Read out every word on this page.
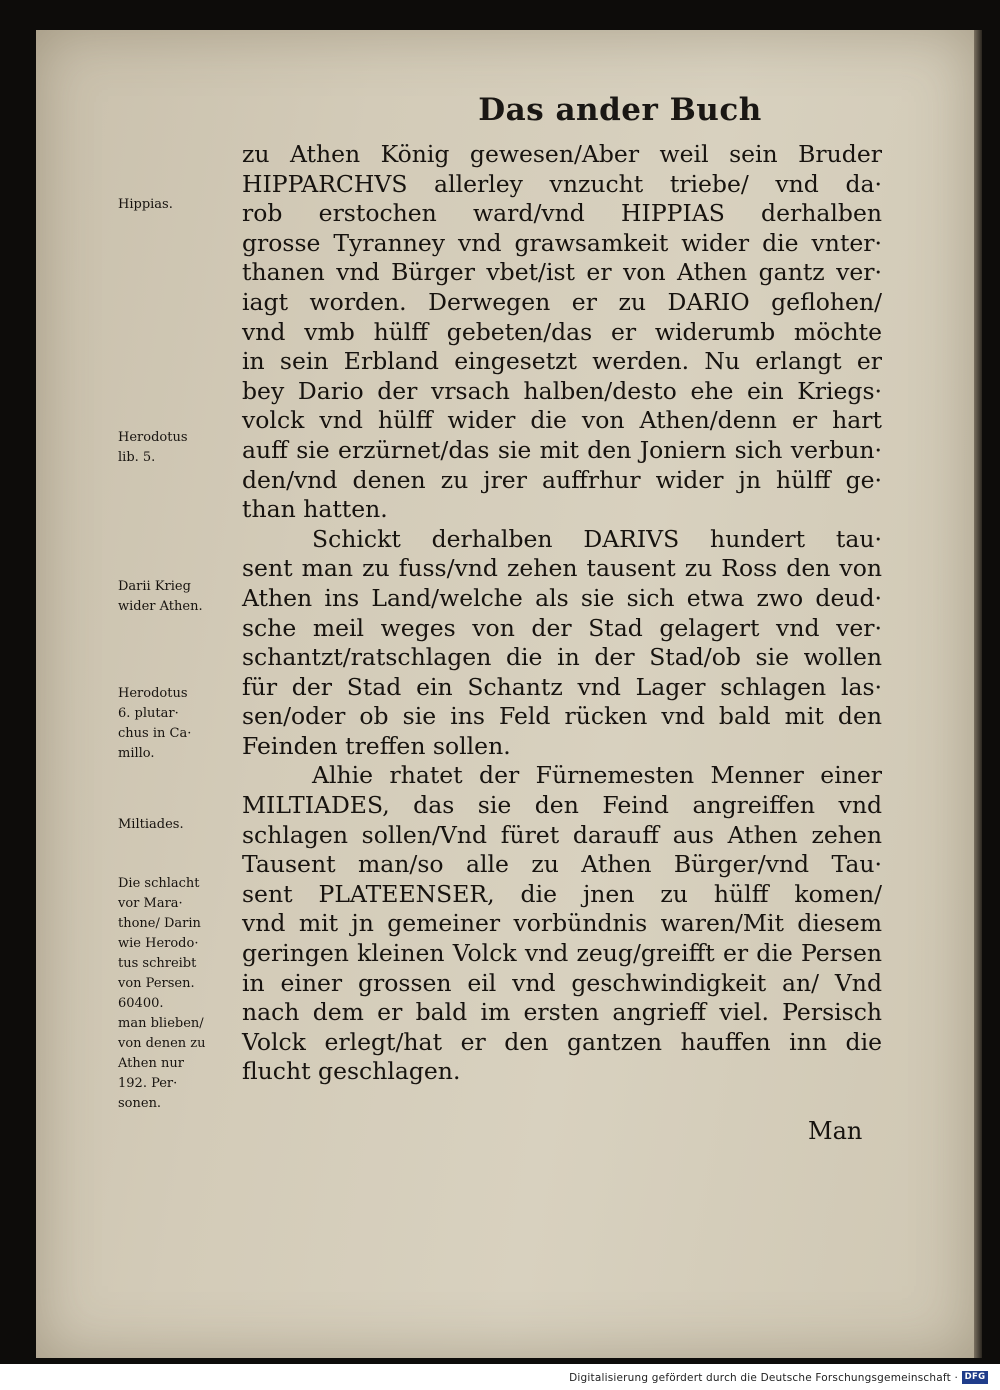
Das ander Buch
zu Athen König gewesen/Aber weil sein Bruder
HIPPARCHVS allerley vnzucht triebe/ vnd da·
rob erstochen ward/vnd HIPPIAS derhalben
grosse Tyranney vnd grawsamkeit wider die vnter·
thanen vnd Bürger vbet/ist er von Athen gantz ver·
iagt worden. Derwegen er zu DARIO geflohen/
vnd vmb hülff gebeten/das er widerumb möchte
in sein Erbland eingesetzt werden. Nu erlangt er
bey Dario der vrsach halben/desto ehe ein Kriegs·
volck vnd hülff wider die von Athen/denn er hart
auff sie erzürnet/das sie mit den Joniern sich verbun·
den/vnd denen zu jrer auffrhur wider jn hülff ge·
than hatten.
Schickt derhalben DARIVS hundert tau·
sent man zu fuss/vnd zehen tausent zu Ross den von
Athen ins Land/welche als sie sich etwa zwo deud·
sche meil weges von der Stad gelagert vnd ver·
schantzt/ratschlagen die in der Stad/ob sie wollen
für der Stad ein Schantz vnd Lager schlagen las·
sen/oder ob sie ins Feld rücken vnd bald mit den
Feinden treffen sollen.
Alhie rhatet der Fürnemesten Menner einer
MILTIADES, das sie den Feind angreiffen vnd
schlagen sollen/Vnd füret darauff aus Athen zehen
Tausent man/so alle zu Athen Bürger/vnd Tau·
sent PLATEENSER, die jnen zu hülff komen/
vnd mit jn gemeiner vorbündnis waren/Mit diesem
geringen kleinen Volck vnd zeug/greifft er die Persen
in einer grossen eil vnd geschwindigkeit an/ Vnd
nach dem er bald im ersten angrieff viel. Persisch
Volck erlegt/hat er den gantzen hauffen inn die
flucht geschlagen.
Hippias.
Herodotus
lib. 5.
Darii Krieg
wider Athen.
Herodotus
6. plutar·
chus in Ca·
millo.
Miltiades.
Die schlacht
vor Mara·
thone/ Darin
wie Herodo·
tus schreibt
von Persen.
60400.
man blieben/
von denen zu
Athen nur
192. Per·
sonen.
Man
Digitalisierung gefördert durch die Deutsche Forschungsgemeinschaft · DFG
